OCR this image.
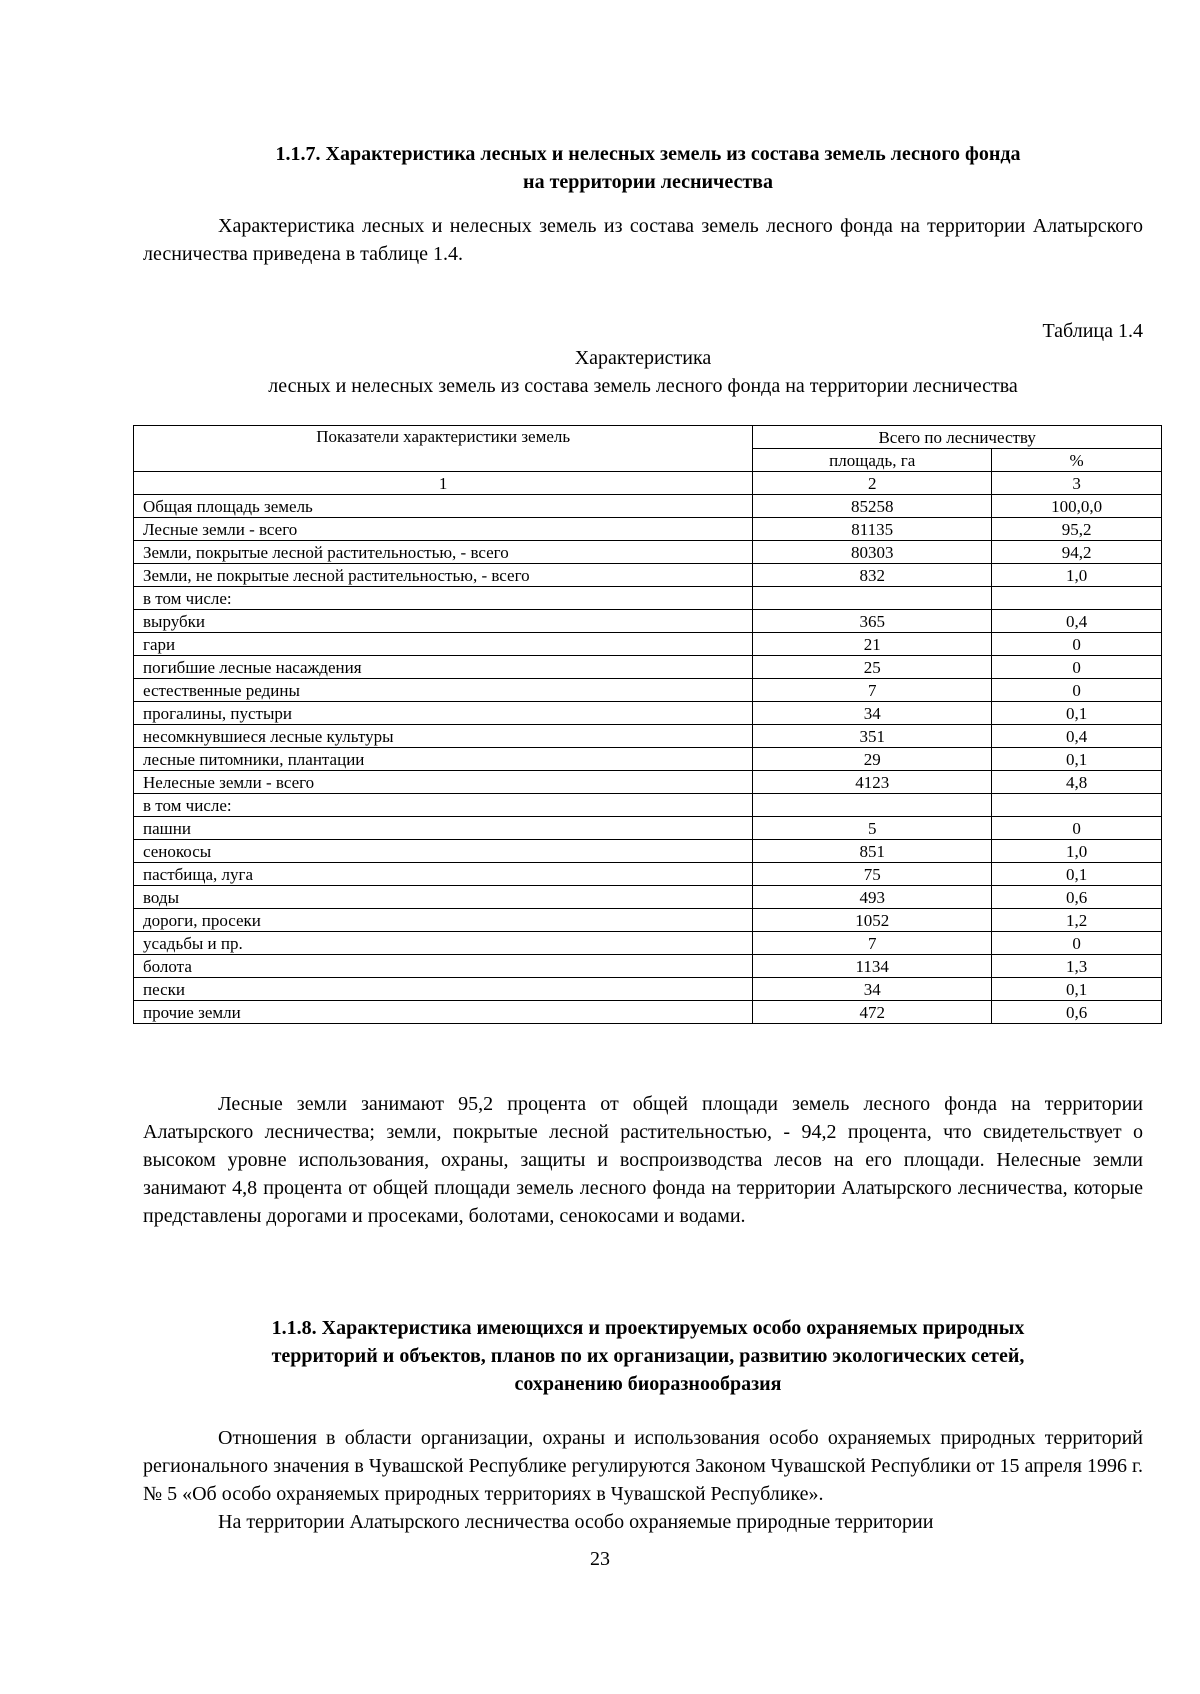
1.1.7. Характеристика лесных и нелесных земель из состава земель лесного фонда
на территории лесничества

Характеристика лесных и нелесных земель из состава земель лесного фонда на территории Алатырского лесничества приведена в таблице 1.4.

Таблица 1.4
Характеристика
лесных и нелесных земель из состава земель лесного фонда на территории лесничества
Показатели характеристики земель	Всего по лесничеству	
	площадь, га	%
1	2	3
Общая площадь земель	85258	100,0,0
Лесные земли - всего	81135	95,2
Земли, покрытые лесной растительностью, - всего	80303	94,2
Земли, не покрытые лесной растительностью, - всего	832	1,0
в том числе:		
вырубки	365	0,4
гари	21	0
погибшие лесные насаждения	25	0
естественные редины	7	0
прогалины, пустыри	34	0,1
несомкнувшиеся лесные культуры	351	0,4
лесные питомники, плантации	29	0,1
Нелесные земли - всего	4123	4,8
в том числе:		
пашни	5	0
сенокосы	851	1,0
пастбища, луга	75	0,1
воды	493	0,6
дороги, просеки	1052	1,2
усадьбы и пр.	7	0
болота	1134	1,3
пески	34	0,1
прочие земли	472	0,6

Лесные земли занимают 95,2 процента от общей площади земель лесного фонда на территории Алатырского лесничества; земли, покрытые лесной растительностью, - 94,2 процента, что свидетельствует о высоком уровне использования, охраны, защиты и воспроизводства лесов на его площади. Нелесные земли занимают 4,8 процента от общей площади земель лесного фонда на территории Алатырского лесничества, которые представлены дорогами и просеками, болотами, сенокосами и водами.

1.1.8. Характеристика имеющихся и проектируемых особо охраняемых природных
территорий и объектов, планов по их организации, развитию экологических сетей,
сохранению биоразнообразия

Отношения в области организации, охраны и использования особо охраняемых природных территорий регионального значения в Чувашской Республике регулируются Законом Чувашской Республики от 15 апреля 1996 г. № 5 «Об особо охраняемых природных территориях в Чувашской Республике».

На территории Алатырского лесничества особо охраняемые природные территории

23
